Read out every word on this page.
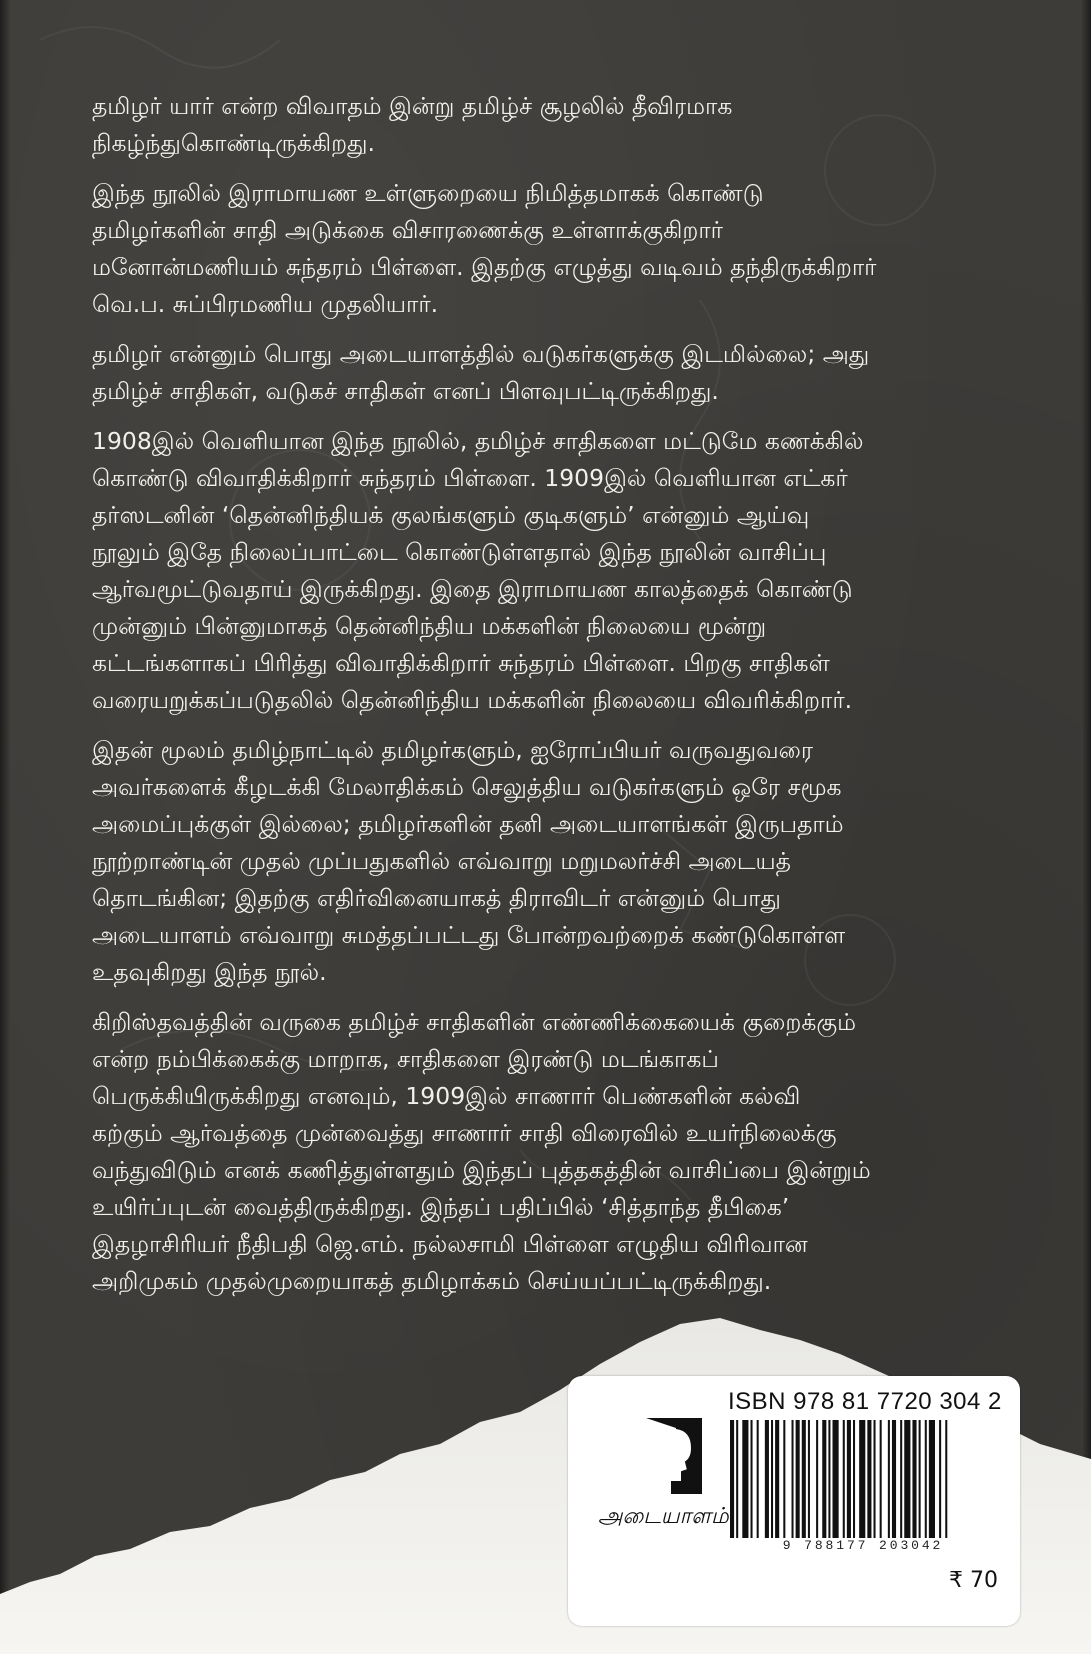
தமிழர் யார் என்ற விவாதம் இன்று தமிழ்ச் சூழலில் தீவிரமாக
நிகழ்ந்துகொண்டிருக்கிறது.

இந்த நூலில் இராமாயண உள்ளுறையை நிமித்தமாகக் கொண்டு
தமிழர்களின் சாதி அடுக்கை விசாரணைக்கு உள்ளாக்குகிறார்
மனோன்மணியம் சுந்தரம் பிள்ளை. இதற்கு எழுத்து வடிவம் தந்திருக்கிறார்
வெ.ப. சுப்பிரமணிய முதலியார்.

தமிழர் என்னும் பொது அடையாளத்தில் வடுகர்களுக்கு இடமில்லை; அது
தமிழ்ச் சாதிகள், வடுகச் சாதிகள் எனப் பிளவுபட்டிருக்கிறது.

1908இல் வெளியான இந்த நூலில், தமிழ்ச் சாதிகளை மட்டுமே கணக்கில்
கொண்டு விவாதிக்கிறார் சுந்தரம் பிள்ளை. 1909இல் வெளியான எட்கர்
தர்ஸடனின் ‘தென்னிந்தியக் குலங்களும் குடிகளும்’ என்னும் ஆய்வு
நூலும் இதே நிலைப்பாட்டை கொண்டுள்ளதால் இந்த நூலின் வாசிப்பு
ஆர்வமூட்டுவதாய் இருக்கிறது. இதை இராமாயண காலத்தைக் கொண்டு
முன்னும் பின்னுமாகத் தென்னிந்திய மக்களின் நிலையை மூன்று
கட்டங்களாகப் பிரித்து விவாதிக்கிறார் சுந்தரம் பிள்ளை. பிறகு சாதிகள்
வரையறுக்கப்படுதலில் தென்னிந்திய மக்களின் நிலையை விவரிக்கிறார்.

இதன் மூலம் தமிழ்நாட்டில் தமிழர்களும், ஐரோப்பியர் வருவதுவரை
அவர்களைக் கீழடக்கி மேலாதிக்கம் செலுத்திய வடுகர்களும் ஒரே சமூக
அமைப்புக்குள் இல்லை; தமிழர்களின் தனி அடையாளங்கள் இருபதாம்
நூற்றாண்டின் முதல் முப்பதுகளில் எவ்வாறு மறுமலர்ச்சி அடையத்
தொடங்கின; இதற்கு எதிர்வினையாகத் திராவிடர் என்னும் பொது
அடையாளம் எவ்வாறு சுமத்தப்பட்டது போன்றவற்றைக் கண்டுகொள்ள
உதவுகிறது இந்த நூல்.

கிறிஸ்தவத்தின் வருகை தமிழ்ச் சாதிகளின் எண்ணிக்கையைக் குறைக்கும்
என்ற நம்பிக்கைக்கு மாறாக, சாதிகளை இரண்டு மடங்காகப்
பெருக்கியிருக்கிறது எனவும், 1909இல் சாணார் பெண்களின் கல்வி
கற்கும் ஆர்வத்தை முன்வைத்து சாணார் சாதி விரைவில் உயர்நிலைக்கு
வந்துவிடும் எனக் கணித்துள்ளதும் இந்தப் புத்தகத்தின் வாசிப்பை இன்றும்
உயிர்ப்புடன் வைத்திருக்கிறது. இந்தப் பதிப்பில் ‘சித்தாந்த தீபிகை’
இதழாசிரியர் நீதிபதி ஜெ.எம். நல்லசாமி பிள்ளை எழுதிய விரிவான
அறிமுகம் முதல்முறையாகத் தமிழாக்கம் செய்யப்பட்டிருக்கிறது.

அடையாளம்
ISBN 978 81 7720 304 2
9 788177 203042
₹ 70
